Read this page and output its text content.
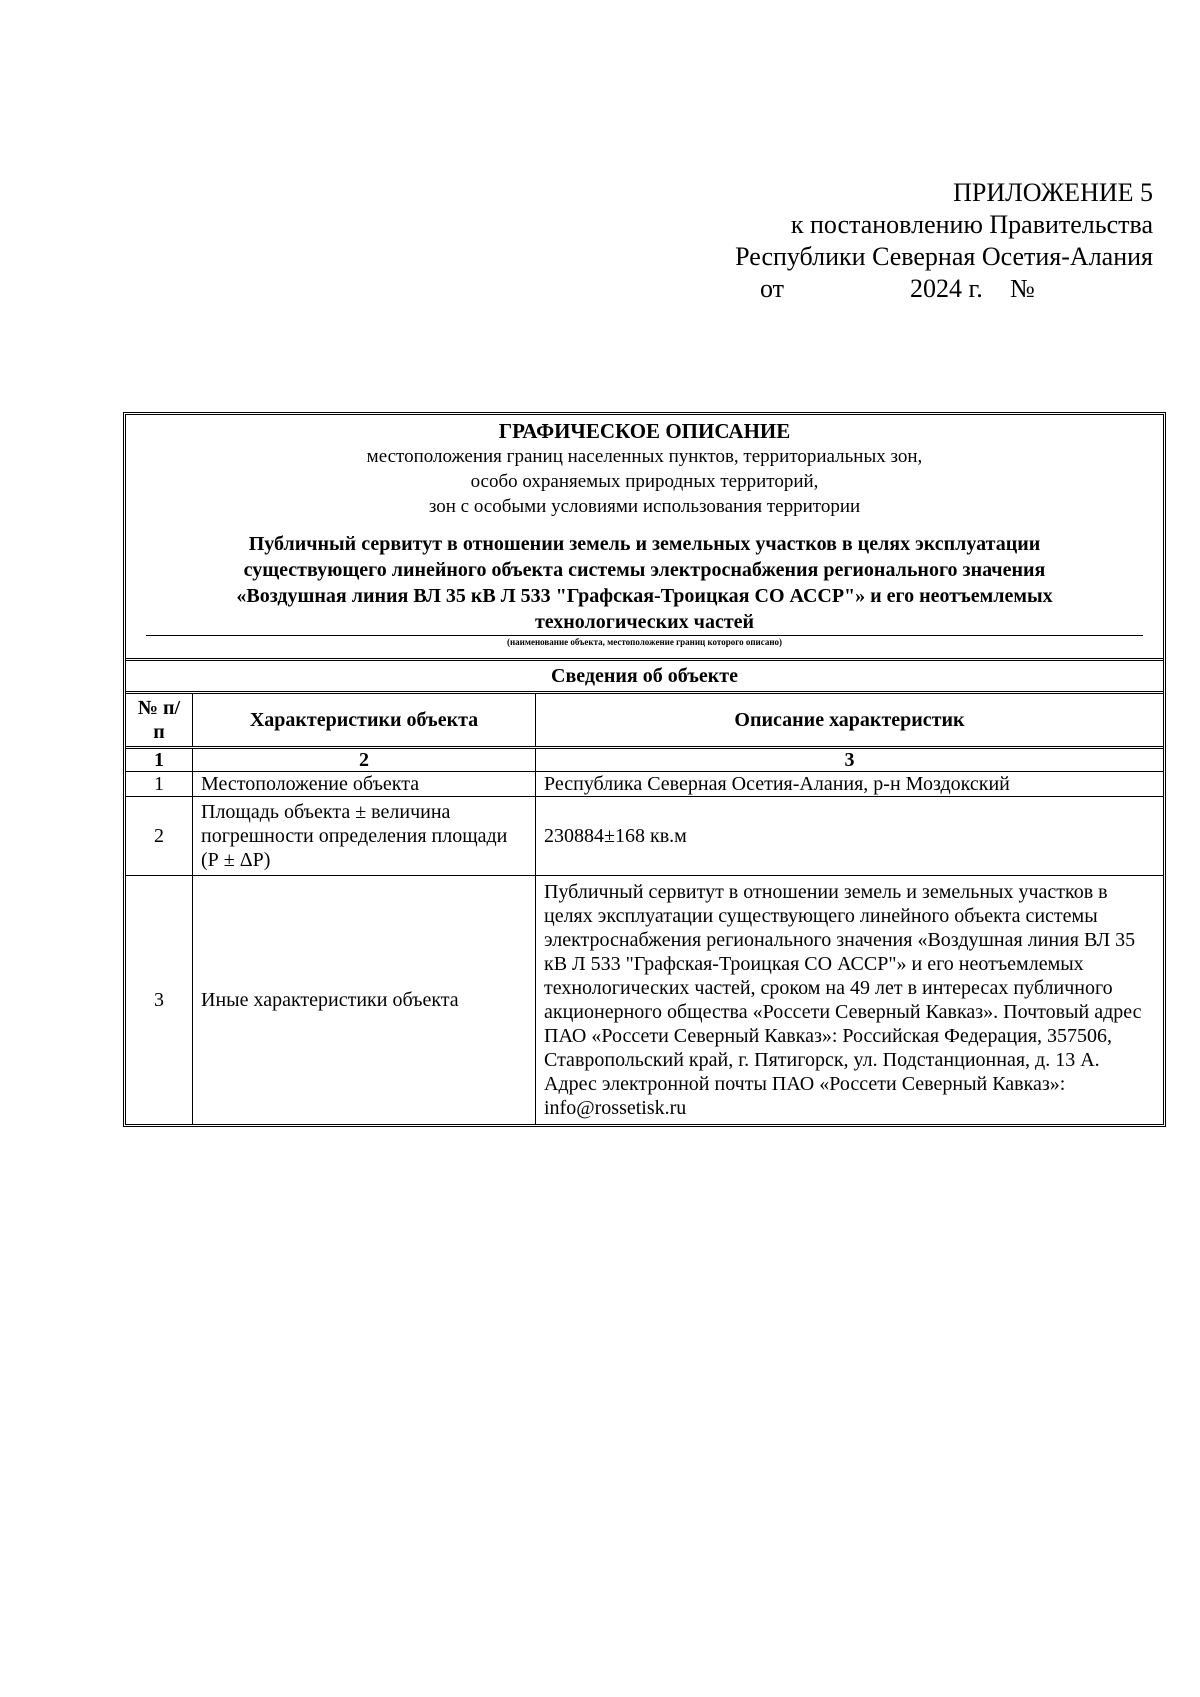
ПРИЛОЖЕНИЕ 5
к постановлению Правительства
Республики Северная Осетия-Алания
от	2024 г. №
ГРАФИЧЕСКОЕ ОПИСАНИЕ
местоположения границ населенных пунктов, территориальных зон,
особо охраняемых природных территорий,
зон с особыми условиями использования территории
Публичный сервитут в отношении земель и земельных участков в целях эксплуатации
существующего линейного объекта системы электроснабжения регионального значения
«Воздушная линия ВЛ 35 кВ Л 533 "Графская-Троицкая СО АССР"» и его неотъемлемых
технологических частей
(наименование объекта, местоположение границ которого описано)
Сведения об объекте
№ п/п	Характеристики объекта	Описание характеристик
1	2	3
1	Местоположение объекта	Республика Северная Осетия-Алания, р-н Моздокский
2	Площадь объекта ± величина погрешности определения площади (Р ± ΔР)	230884±168 кв.м
3	Иные характеристики объекта	Публичный сервитут в отношении земель и земельных участков в целях эксплуатации существующего линейного объекта системы электроснабжения регионального значения «Воздушная линия ВЛ 35 кВ Л 533 "Графская-Троицкая СО АССР"» и его неотъемлемых технологических частей, сроком на 49 лет в интересах публичного акционерного общества «Россети Северный Кавказ». Почтовый адрес ПАО «Россети Северный Кавказ»: Российская Федерация, 357506, Ставропольский край, г. Пятигорск, ул. Подстанционная, д. 13 А. Адрес электронной почты ПАО «Россети Северный Кавказ»: info@rossetisk.ru
